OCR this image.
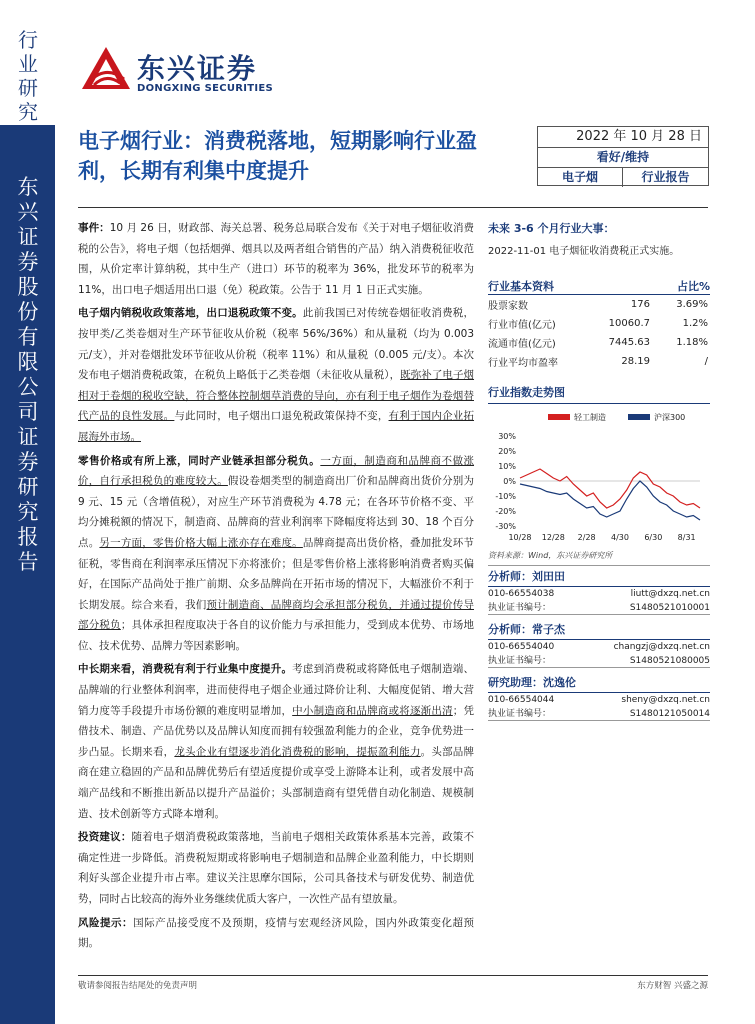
行业研究
东兴证券股份有限公司证券研究报告
东兴证券
DONGXING SECURITIES
电子烟行业：消费税落地，短期影响行业盈利，长期有利集中度提升
2022 年 10 月 28 日
看好/维持
电子烟	行业报告

事件：10 月 26 日，财政部、海关总署、税务总局联合发布《关于对电子烟征收消费税的公告》，将电子烟（包括烟弹、烟具以及两者组合销售的产品）纳入消费税征收范围，从价定率计算纳税，其中生产（进口）环节的税率为 36%，批发环节的税率为 11%，出口电子烟适用出口退（免）税政策。公告于 11 月 1 日正式实施。

电子烟内销税收政策落地，出口退税政策不变。此前我国已对传统卷烟征收消费税，按甲类/乙类卷烟对生产环节征收从价税（税率 56%/36%）和从量税（均为 0.003 元/支），并对卷烟批发环节征收从价税（税率 11%）和从量税（0.005 元/支）。本次发布电子烟消费税政策，在税负上略低于乙类卷烟（未征收从量税），既弥补了电子烟相对于卷烟的税收空缺，符合整体控制烟草消费的导向，亦有利于电子烟作为卷烟替代产品的良性发展。与此同时，电子烟出口退免税政策保持不变，有利于国内企业拓展海外市场。

零售价格或有所上涨，同时产业链承担部分税负。一方面，制造商和品牌商不做涨价，自行承担税负的难度较大。假设卷烟类型的制造商出厂价和品牌商出货价分别为 9 元、15 元（含增值税），对应生产环节消费税为 4.78 元；在各环节价格不变、平均分摊税额的情况下，制造商、品牌商的营业利润率下降幅度将达到 30、18 个百分点。另一方面，零售价格大幅上涨亦存在难度。品牌商提高出货价格，叠加批发环节征税，零售商在利润率承压情况下亦将涨价；但是零售价格上涨将影响消费者购买偏好，在国际产品尚处于推广前期、众多品牌尚在开拓市场的情况下，大幅涨价不利于长期发展。综合来看，我们预计制造商、品牌商均会承担部分税负，并通过提价传导部分税负；具体承担程度取决于各自的议价能力与承担能力，受到成本优势、市场地位、技术优势、品牌力等因素影响。

中长期来看，消费税有利于行业集中度提升。考虑到消费税或将降低电子烟制造端、品牌端的行业整体利润率，进而使得电子烟企业通过降价让利、大幅度促销、增大营销力度等手段提升市场份额的难度明显增加，中小制造商和品牌商或将逐渐出清；凭借技术、制造、产品优势以及品牌认知度而拥有较强盈利能力的企业，竞争优势进一步凸显。长期来看，龙头企业有望逐步消化消费税的影响，提振盈利能力。头部品牌商在建立稳固的产品和品牌优势后有望适度提价或享受上游降本让利，或者发展中高端产品线和不断推出新品以提升产品溢价；头部制造商有望凭借自动化制造、规模制造、技术创新等方式降本增利。

投资建议：随着电子烟消费税政策落地，当前电子烟相关政策体系基本完善，政策不确定性进一步降低。消费税短期或将影响电子烟制造和品牌企业盈利能力，中长期则利好头部企业提升市占率。建议关注思摩尔国际，公司具备技术与研发优势、制造优势，同时占比较高的海外业务继续优质大客户，一次性产品有望放量。

风险提示：国际产品接受度不及预期，疫情与宏观经济风险，国内外政策变化超预期。

未来 3-6 个月行业大事：
2022-11-01 电子烟征收消费税正式实施。
行业基本资料	占比%
股票家数	176	3.69%
行业市值(亿元)	10060.7	1.2%
流通市值(亿元)	7445.63	1.18%
行业平均市盈率	28.19	/
行业指数走势图
轻工制造	沪深300
30%
20%
10%
0%
-10%
-20%
-30%
10/28 12/28 2/28 4/30 6/30 8/31
资料来源：Wind，东兴证券研究所
分析师：刘田田
010-66554038	liutt@dxzq.net.cn
执业证书编号：	S1480521010001
分析师：常子杰
010-66554040	changzj@dxzq.net.cn
执业证书编号：	S1480521080005
研究助理：沈逸伦
010-66554044	sheny@dxzq.net.cn
执业证书编号：	S1480121050014
敬请参阅报告结尾处的免责声明	东方财智 兴盛之源
